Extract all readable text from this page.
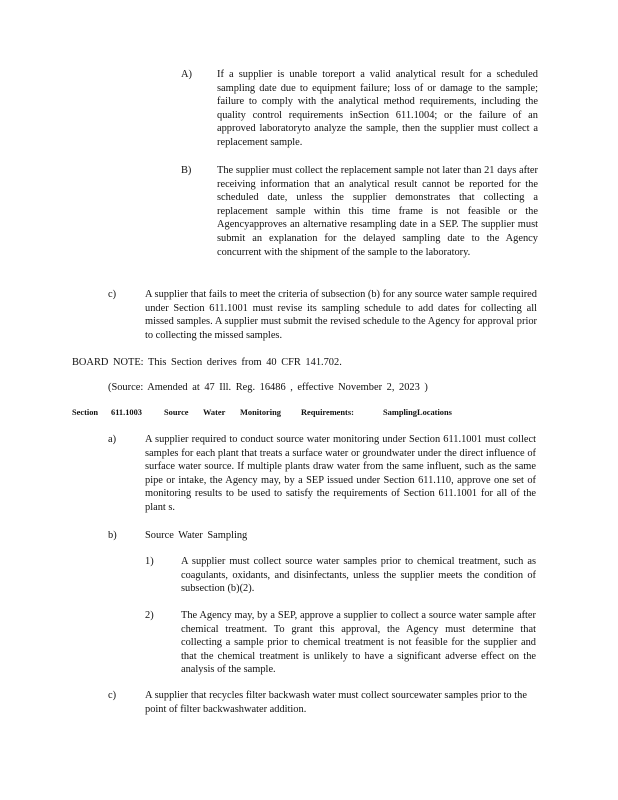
A) If a supplier is unable toreport a valid analytical result for a scheduled sampling date due to equipment failure; loss of or damage to the sample; failure to comply with the analytical method requirements, including the quality control requirements inSection 611.1004; or the failure of an approved laboratoryto analyze the sample, then the supplier must collect a replacement sample.

B) The supplier must collect the replacement sample not later than 21 days after receiving information that an analytical result cannot be reported for the scheduled date, unless the supplier demonstrates that collecting a replacement sample within this time frame is not feasible or the Agencyapproves an alternative resampling date in a SEP. The supplier must submit an explanation for the delayed sampling date to the Agency concurrent with the shipment of the sample to the laboratory.

c)	A supplier that fails to meet the criteria of subsection (b) for any source water sample required under Section 611.1001 must revise its sampling schedule to add dates for collecting all missed samples. A supplier must submit the revised schedule to the Agency for approval prior to collecting the missed samples.

BOARD NOTE: This Section derives from 40 CFR 141.702.

(Source: Amended at 47 Ill. Reg. 16486 , effective November 2, 2023 )

Section 611.1003	Source Water Monitoring Requirements:	SamplingLocations
a)	A supplier required to conduct source water monitoring under Section 611.1001 must collect samples for each plant that treats a surface water or groundwater under the direct influence of surface water source. If multiple plants draw water from the same influent, such as the same pipe or intake, the Agency may, by a SEP issued under Section 611.110, approve one set of monitoring results to be used to satisfy the requirements of Section 611.1001 for all of the plant s.

b)	Source Water Sampling

1)	A supplier must collect source water samples prior to chemical treatment, such as coagulants, oxidants, and disinfectants, unless the supplier meets the condition of subsection (b)(2).

2)	The Agency may, by a SEP, approve a supplier to collect a source water sample after chemical treatment. To grant this approval, the Agency must determine that collecting a sample prior to chemical treatment is not feasible for the supplier and that the chemical treatment is unlikely to have a significant adverse effect on the analysis of the sample.

c)	A supplier that recycles filter backwash water must collect sourcewater samples prior to the point of filter backwashwater addition.
